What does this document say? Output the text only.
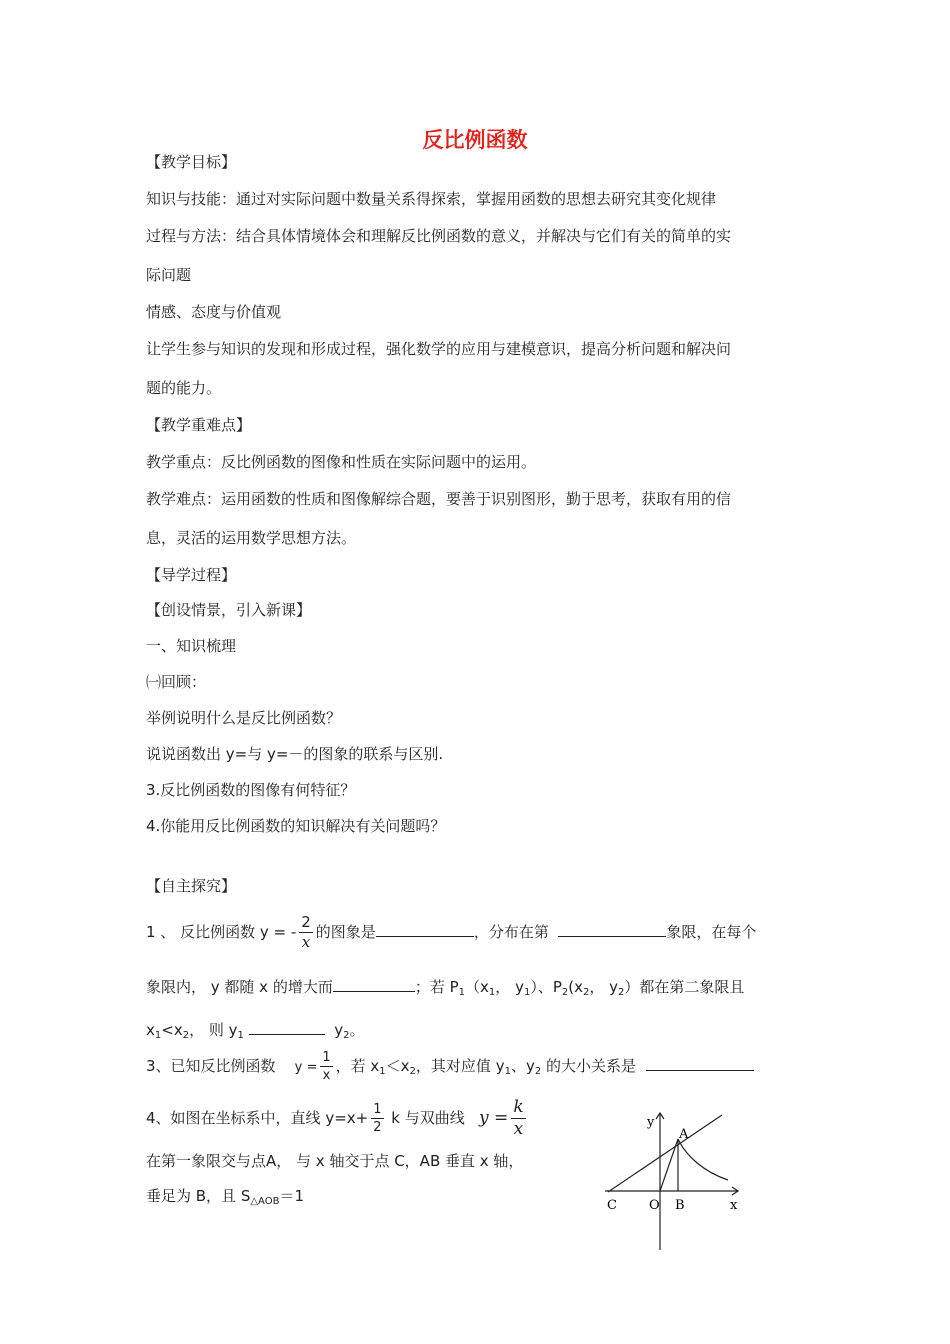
反比例函数
【教学目标】
知识与技能：通过对实际问题中数量关系得探索，掌握用函数的思想去研究其变化规律
过程与方法：结合具体情境体会和理解反比例函数的意义，并解决与它们有关的简单的实
际问题
情感、态度与价值观
让学生参与知识的发现和形成过程，强化数学的应用与建模意识，提高分析问题和解决问
题的能力。
【教学重难点】
教学重点：反比例函数的图像和性质在实际问题中的运用。
教学难点：运用函数的性质和图像解综合题，要善于识别图形，勤于思考，获取有用的信
息，灵活的运用数学思想方法。
【导学过程】
【创设情景，引入新课】
一、知识梳理
㈠回顾：
举例说明什么是反比例函数？
说说函数出 y=与 y=－的图象的联系与区别.
3.反比例函数的图像有何特征？
4.你能用反比例函数的知识解决有关问题吗？
【自主探究】
1 、 反比例函数 y = - $\frac{2}{x}$ 的图象是	，分布在第	象限，在每个
象限内， y 都随 x 的增大而	；若 $P_1(x_1$， $y_1$）、$P_2(x_2$， $y_2$）都在第二象限且
$x_1<x_2$， 则 $y_1$	$y_2$。
3、已知反比例函数 $y = \frac{1}{x}$ ，若 $x_1<x_2$，其对应值 $y_1$、$y_2$ 的大小关系是
4、如图在坐标系中，直线 $y=x+ \frac{1}{2}$ k 与双曲线 $y = \frac{k}{x}$
在第一象限交与点A， 与 x 轴交于点 C，AB 垂直 x 轴，
垂足为 B，且 $S_{\triangle AOB}=1$
y
A
C O B	x
